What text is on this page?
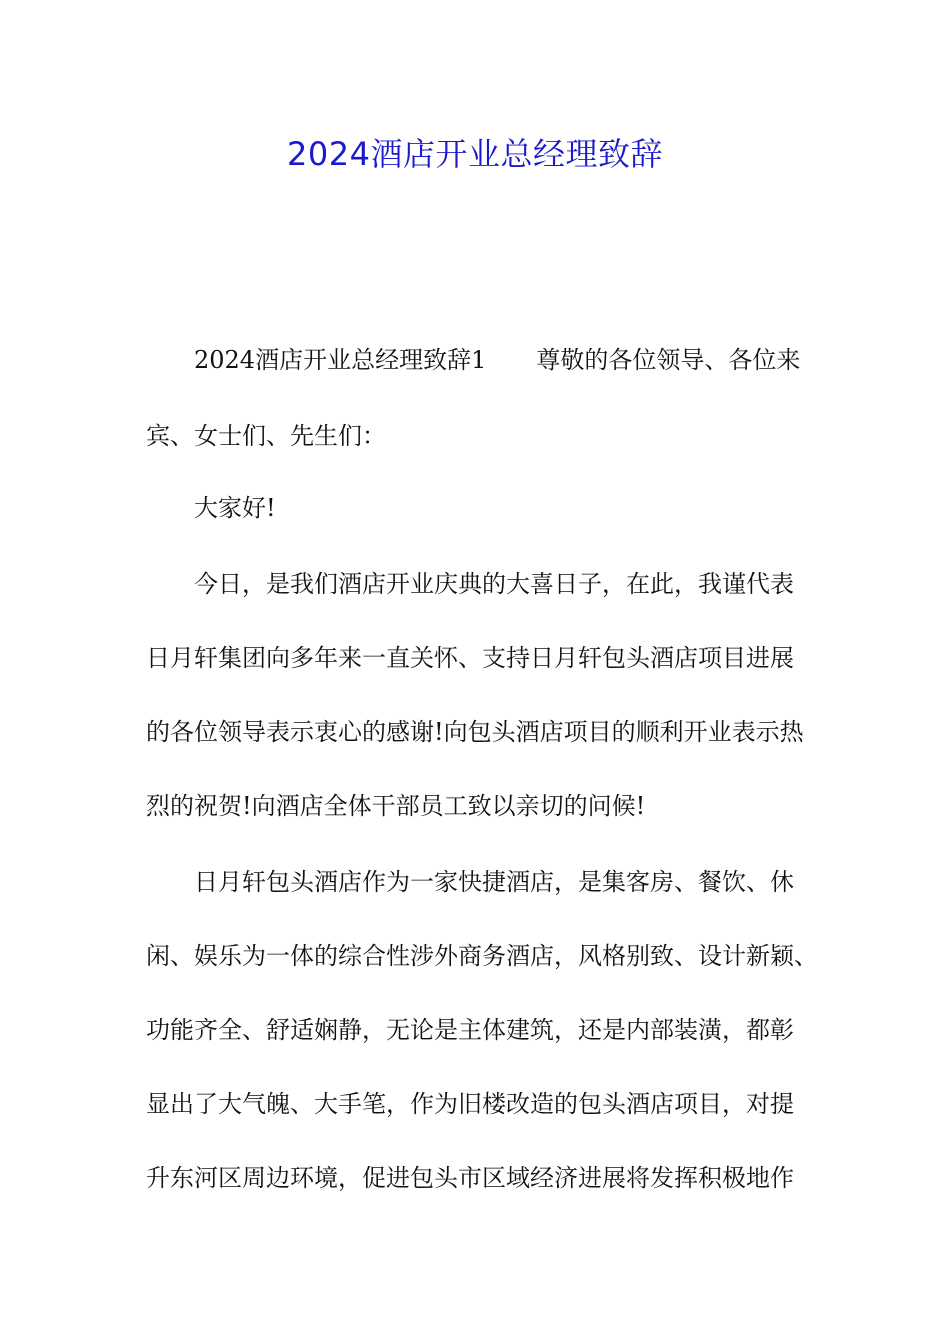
2024酒店开业总经理致辞

2024酒店开业总经理致辞1 尊敬的各位领导、各位来

宾、女士们、先生们：

大家好!

今日，是我们酒店开业庆典的大喜日子，在此，我谨代表

日月轩集团向多年来一直关怀、支持日月轩包头酒店项目进展

的各位领导表示衷心的感谢!向包头酒店项目的顺利开业表示热

烈的祝贺!向酒店全体干部员工致以亲切的问候!

日月轩包头酒店作为一家快捷酒店，是集客房、餐饮、休

闲、娱乐为一体的综合性涉外商务酒店，风格别致、设计新颖、

功能齐全、舒适娴静，无论是主体建筑，还是内部装潢，都彰

显出了大气魄、大手笔，作为旧楼改造的包头酒店项目，对提

升东河区周边环境，促进包头市区域经济进展将发挥积极地作
